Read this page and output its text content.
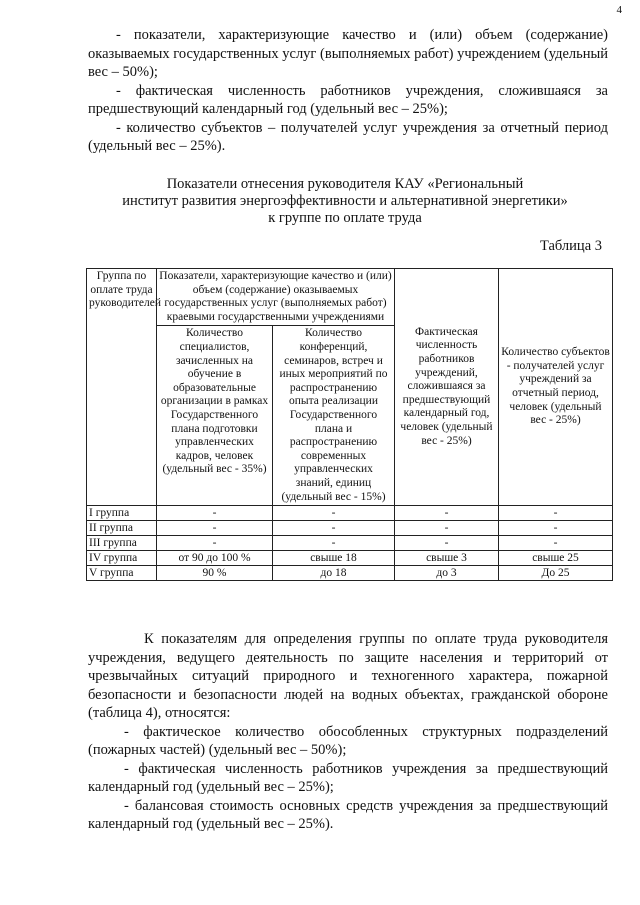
4
- показатели, характеризующие качество и (или) объем (содержание) оказываемых государственных услуг (выполняемых работ) учреждением (удельный вес – 50%);
- фактическая численность работников учреждения, сложившаяся за предшествующий календарный год (удельный вес – 25%);
- количество субъектов – получателей услуг учреждения за отчетный период (удельный вес – 25%).
Показатели отнесения руководителя КАУ «Региональный
институт развития энергоэффективности и альтернативной энергетики»
к группе по оплате труда
Таблица 3
Группа по оплате труда руководителей	Показатели, характеризующие качество и (или) объем (содержание) оказываемых государственных услуг (выполняемых работ) краевыми государственными учреждениями		Фактическая численность работников учреждений, сложившаяся за предшествующий календарный год, человек (удельный вес - 25%)	Количество субъектов - получателей услуг учреждений за отчетный период, человек (удельный вес - 25%)
	Количество специалистов, зачисленных на обучение в образовательные организации в рамках Государственного плана подготовки управленческих кадров, человек (удельный вес - 35%)	Количество конференций, семинаров, встреч и иных мероприятий по распространению опыта реализации Государственного плана и распространению современных управленческих знаний, единиц (удельный вес - 15%)		
I группа	-	-	-	-
II группа	-	-	-	-
III группа	-	-	-	-
IV группа	от 90 до 100 %	свыше 18	свыше 3	свыше 25
V группа	90 %	до 18	до 3	До 25
К показателям для определения группы по оплате труда руководителя учреждения, ведущего деятельность по защите населения и территорий от чрезвычайных ситуаций природного и техногенного характера, пожарной безопасности и безопасности людей на водных объектах, гражданской обороне (таблица 4), относятся:
- фактическое количество обособленных структурных подразделений (пожарных частей) (удельный вес – 50%);
- фактическая численность работников учреждения за предшествующий календарный год (удельный вес – 25%);
- балансовая стоимость основных средств учреждения за предшествующий календарный год (удельный вес – 25%).
